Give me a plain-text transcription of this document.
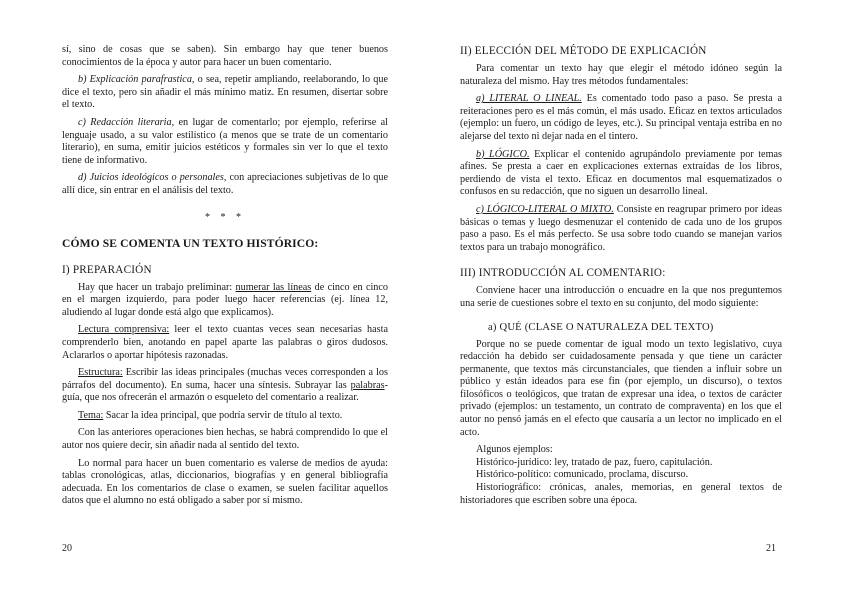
sí, sino de cosas que se saben). Sin embargo hay que tener buenos conocimientos de la época y autor para hacer un buen comentario.

b) Explicación parafrastica, o sea, repetir ampliando, reelaborando, lo que dice el texto, pero sin añadir el más mínimo matiz. En resumen, disertar sobre el texto.

c) Redacción literaria, en lugar de comentarlo; por ejemplo, referirse al lenguaje usado, a su valor estilístico (a menos que se trate de un comentario literario), en suma, emitir juicios estéticos y formales sin ver lo que el texto tiene de informativo.

d) Juicios ideológicos o personales, con apreciaciones subjetivas de lo que allí dice, sin entrar en el análisis del texto.

* * *
CÓMO SE COMENTA UN TEXTO HISTÓRICO:
I) PREPARACIÓN

Hay que hacer un trabajo preliminar: numerar las líneas de cinco en cinco en el margen izquierdo, para poder luego hacer referencias (ej. línea 12, aludiendo al lugar donde está algo que explicamos).

Lectura comprensiva: leer el texto cuantas veces sean necesarias hasta comprenderlo bien, anotando en papel aparte las palabras o giros dudosos. Aclararlos o aportar hipótesis razonadas.

Estructura: Escribir las ideas principales (muchas veces corresponden a los párrafos del documento). En suma, hacer una síntesis. Subrayar las palabras-guía, que nos ofrecerán el armazón o esqueleto del comentario a realizar.

Tema: Sacar la idea principal, que podría servir de título al texto.

Con las anteriores operaciones bien hechas, se habrá comprendido lo que el autor nos quiere decir, sin añadir nada al sentido del texto.

Lo normal para hacer un buen comentario es valerse de medios de ayuda: tablas cronológicas, atlas, diccionarios, biografías y en general bibliografía adecuada. En los comentarios de clase o examen, se suelen facilitar aquellos datos que el alumno no está obligado a saber por sí mismo.

20
II) ELECCIÓN DEL MÉTODO DE EXPLICACIÓN

Para comentar un texto hay que elegir el método idóneo según la naturaleza del mismo. Hay tres métodos fundamentales:

a) LITERAL O LINEAL. Es comentado todo paso a paso. Se presta a reiteraciones pero es el más común, el más usado. Eficaz en textos articulados (ejemplo: un fuero, un código de leyes, etc.). Su principal ventaja estriba en no alejarse del texto ni dejar nada en el tintero.

b) LÓGICO. Explicar el contenido agrupándolo previamente por temas afines. Se presta a caer en explicaciones externas extraídas de los libros, perdiendo de vista el texto. Eficaz en documentos mal esquematizados o confusos en su redacción, que no siguen un desarrollo lineal.

c) LÓGICO-LITERAL O MIXTO. Consiste en reagrupar primero por ideas básicas o temas y luego desmenuzar el contenido de cada uno de los grupos paso a paso. Es el más perfecto. Se usa sobre todo cuando se manejan varios textos para un trabajo monográfico.

III) INTRODUCCIÓN AL COMENTARIO:

Conviene hacer una introducción o encuadre en la que nos preguntemos una serie de cuestiones sobre el texto en su conjunto, del modo siguiente:

a) QUÉ (CLASE O NATURALEZA DEL TEXTO)

Porque no se puede comentar de igual modo un texto legislativo, cuya redacción ha debido ser cuidadosamente pensada y que tiene un carácter permanente, que textos más circunstanciales, que tienden a influir sobre un público y están ideados para ese fin (por ejemplo, un discurso), o textos filosóficos o teológicos, que tratan de expresar una idea, o textos de carácter privado (ejemplos: un testamento, un contrato de compraventa) en los que el autor no pensó jamás en el efecto que causaría a un lector no implicado en el acto.

Algunos ejemplos:

Histórico-jurídico: ley, tratado de paz, fuero, capitulación.

Histórico-político: comunicado, proclama, discurso.

Historiográfico: crónicas, anales, memorias, en general textos de historiadores que escriben sobre una época.

21
